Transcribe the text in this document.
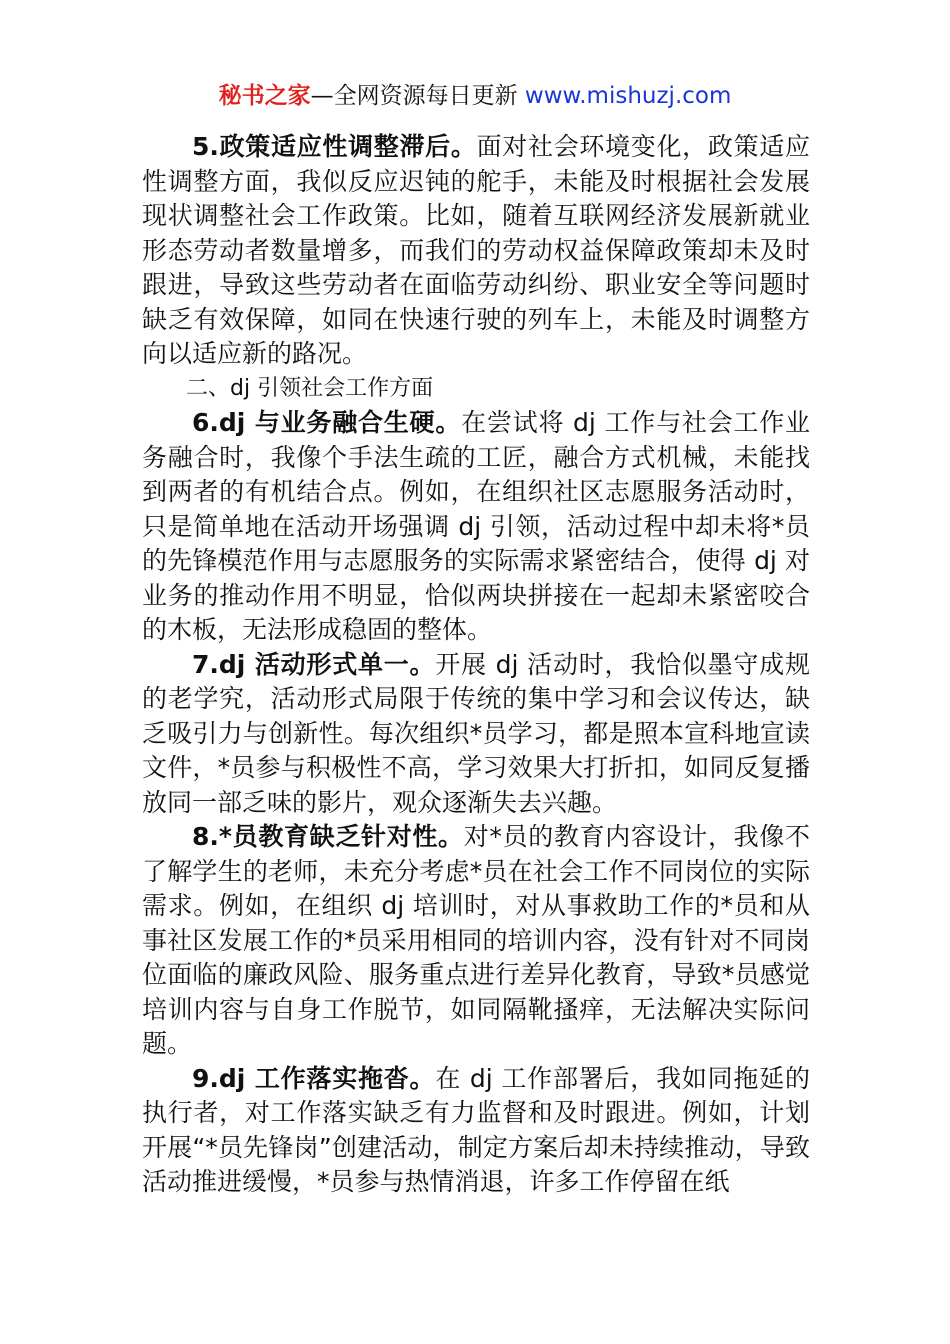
秘书之家—全网资源每日更新 www.mishuzj.com

5.政策适应性调整滞后。面对社会环境变化，政策适应性调整方面，我似反应迟钝的舵手，未能及时根据社会发展现状调整社会工作政策。比如，随着互联网经济发展新就业形态劳动者数量增多，而我们的劳动权益保障政策却未及时跟进，导致这些劳动者在面临劳动纠纷、职业安全等问题时缺乏有效保障，如同在快速行驶的列车上，未能及时调整方向以适应新的路况。

二、dj 引领社会工作方面

6.dj 与业务融合生硬。在尝试将 dj 工作与社会工作业务融合时，我像个手法生疏的工匠，融合方式机械，未能找到两者的有机结合点。例如，在组织社区志愿服务活动时，只是简单地在活动开场强调 dj 引领，活动过程中却未将*员的先锋模范作用与志愿服务的实际需求紧密结合，使得 dj 对业务的推动作用不明显，恰似两块拼接在一起却未紧密咬合的木板，无法形成稳固的整体。

7.dj 活动形式单一。开展 dj 活动时，我恰似墨守成规的老学究，活动形式局限于传统的集中学习和会议传达，缺乏吸引力与创新性。每次组织*员学习，都是照本宣科地宣读文件，*员参与积极性不高，学习效果大打折扣，如同反复播放同一部乏味的影片，观众逐渐失去兴趣。

8.*员教育缺乏针对性。对*员的教育内容设计，我像不了解学生的老师，未充分考虑*员在社会工作不同岗位的实际需求。例如，在组织 dj 培训时，对从事救助工作的*员和从事社区发展工作的*员采用相同的培训内容，没有针对不同岗位面临的廉政风险、服务重点进行差异化教育，导致*员感觉培训内容与自身工作脱节，如同隔靴搔痒，无法解决实际问题。

9.dj 工作落实拖沓。在 dj 工作部署后，我如同拖延的执行者，对工作落实缺乏有力监督和及时跟进。例如，计划开展“*员先锋岗”创建活动，制定方案后却未持续推动，导致活动推进缓慢，*员参与热情消退，许多工作停留在纸
